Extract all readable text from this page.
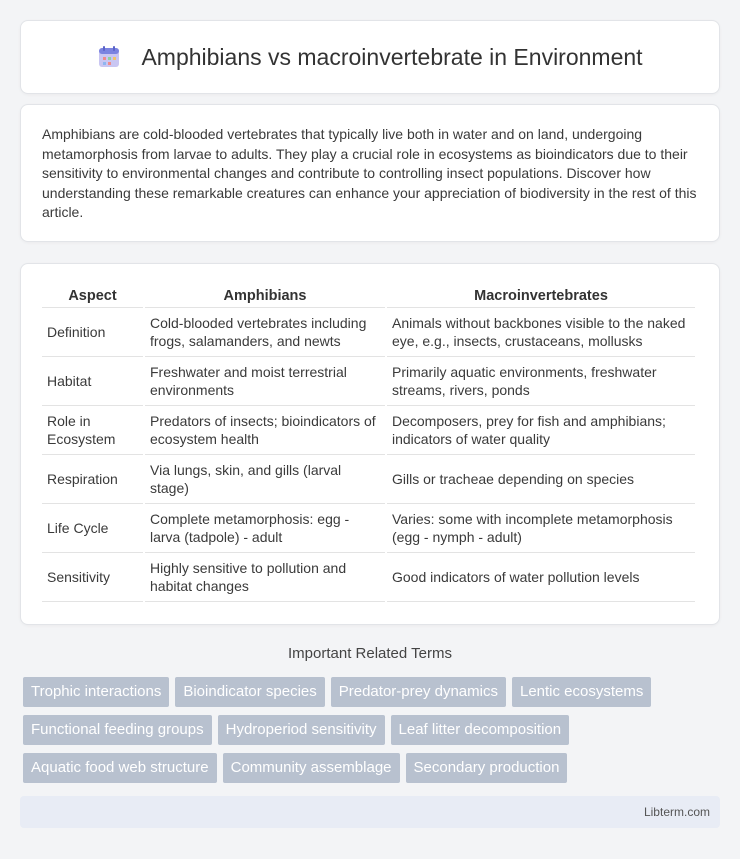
Amphibians vs macroinvertebrate in Environment

Amphibians are cold-blooded vertebrates that typically live both in water and on land, undergoing metamorphosis from larvae to adults. They play a crucial role in ecosystems as bioindicators due to their sensitivity to environmental changes and contribute to controlling insect populations. Discover how understanding these remarkable creatures can enhance your appreciation of biodiversity in the rest of this article.

Aspect	Amphibians	Macroinvertebrates
Definition	Cold-blooded vertebrates including frogs, salamanders, and newts	Animals without backbones visible to the naked eye, e.g., insects, crustaceans, mollusks
Habitat	Freshwater and moist terrestrial environments	Primarily aquatic environments, freshwater streams, rivers, ponds
Role in Ecosystem	Predators of insects; bioindicators of ecosystem health	Decomposers, prey for fish and amphibians; indicators of water quality
Respiration	Via lungs, skin, and gills (larval stage)	Gills or tracheae depending on species
Life Cycle	Complete metamorphosis: egg - larva (tadpole) - adult	Varies: some with incomplete metamorphosis (egg - nymph - adult)
Sensitivity	Highly sensitive to pollution and habitat changes	Good indicators of water pollution levels
Important Related Terms
Trophic interactions	Bioindicator species	Predator-prey dynamics	Lentic ecosystems
Functional feeding groups	Hydroperiod sensitivity	Leaf litter decomposition
Aquatic food web structure	Community assemblage	Secondary production
Libterm.com
